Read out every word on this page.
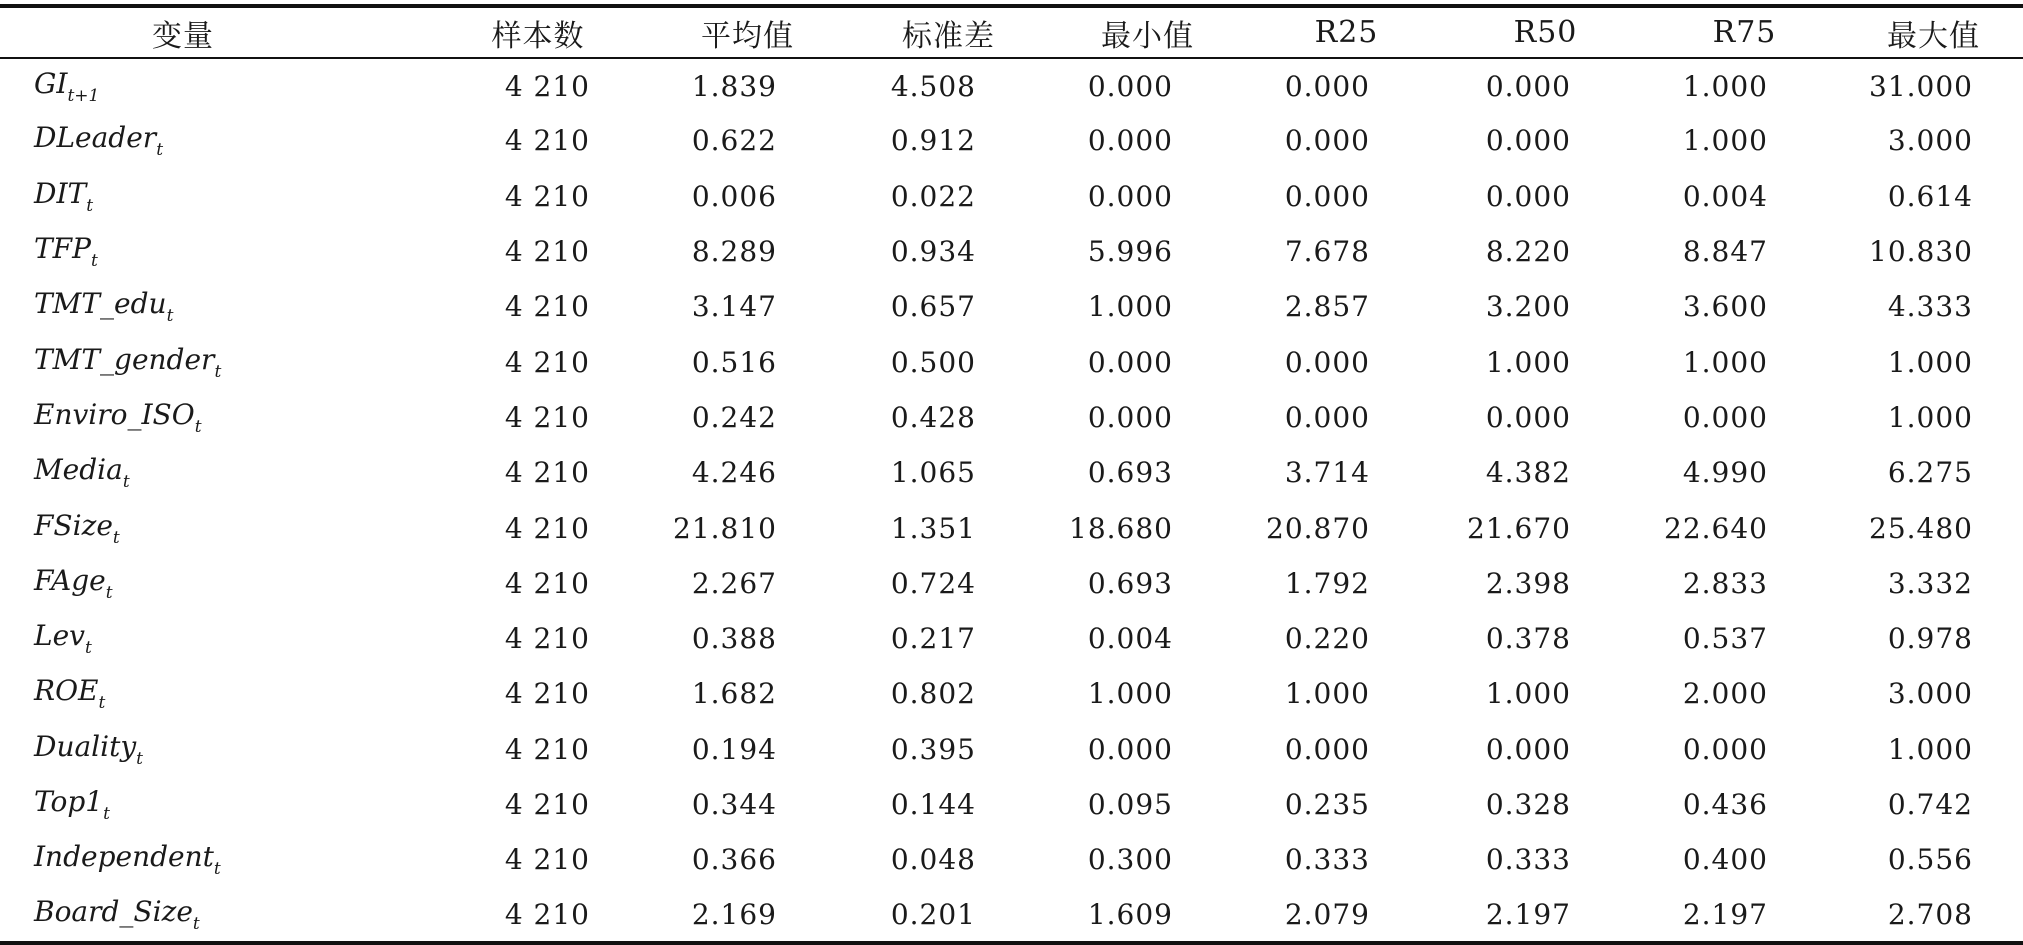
变量	样本数	平均值	标准差	最小值	R25	R50	R75	最大值
$GI_{t+1}$	4 210	1.839	4.508	0.000	0.000	0.000	1.000	31.000
DLeader$_t$	4 210	0.622	0.912	0.000	0.000	0.000	1.000	3.000
$DIT_t$	4 210	0.006	0.022	0.000	0.000	0.000	0.004	0.614
$TFP_t$	4 210	8.289	0.934	5.996	7.678	8.220	8.847	10.830
TMT_edu$_t$	4 210	3.147	0.657	1.000	2.857	3.200	3.600	4.333
TMT_gender$_t$	4 210	0.516	0.500	0.000	0.000	1.000	1.000	1.000
$Enviro\_ISO_t$	4 210	0.242	0.428	0.000	0.000	0.000	0.000	1.000
Media$_t$	4 210	4.246	1.065	0.693	3.714	4.382	4.990	6.275
FSize$_t$	4 210	21.810	1.351	18.680	20.870	21.670	22.640	25.480
FAge$_t$	4 210	2.267	0.724	0.693	1.792	2.398	2.833	3.332
Lev$_t$	4 210	0.388	0.217	0.004	0.220	0.378	0.537	0.978
$ROE_t$	4 210	1.682	0.802	1.000	1.000	1.000	2.000	3.000
Duality$_t$	4 210	0.194	0.395	0.000	0.000	0.000	0.000	1.000
$Top1_t$	4 210	0.344	0.144	0.095	0.235	0.328	0.436	0.742
Independent$_t$	4 210	0.366	0.048	0.300	0.333	0.333	0.400	0.556
Board_Size$_t$	4 210	2.169	0.201	1.609	2.079	2.197	2.197	2.708
